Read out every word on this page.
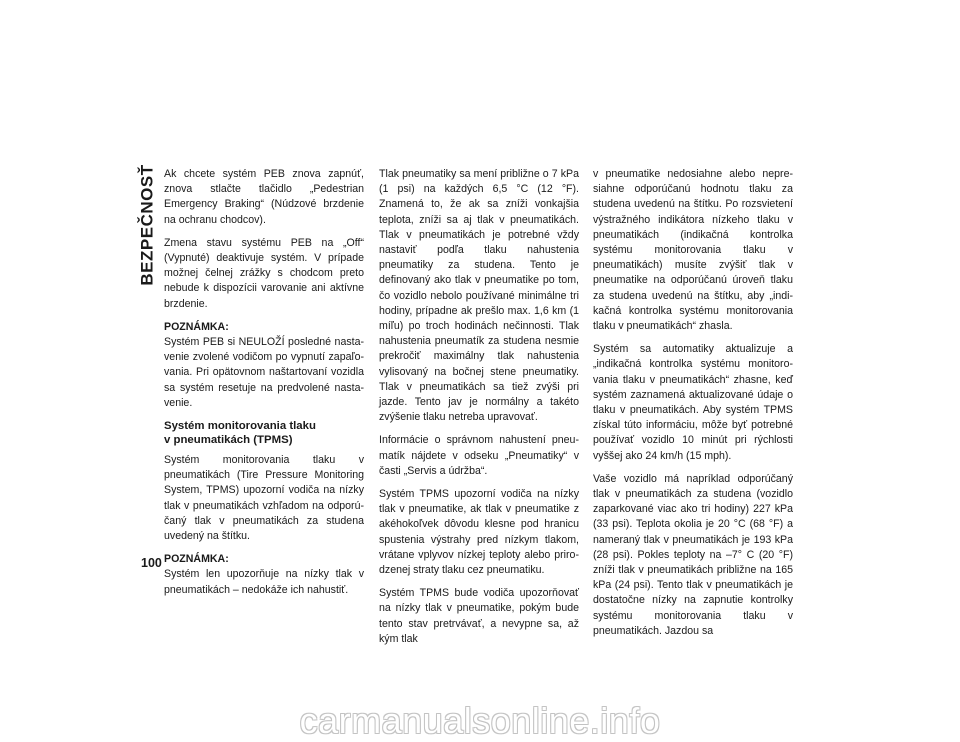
BEZPEČNOSŤ Ak chcete systém PEB znova zapnúť, znova stlačte tlačidlo „Pedestrian Emergency Braking“ (Núdzové brzdenie na ochranu chodcov).

Zmena stavu systému PEB na „Off“ (Vypnuté) deaktivuje systém. V prípade možnej čelnej zrážky s chodcom preto nebude k dispozícii varovanie ani aktívne brzdenie.

POZNÁMKA:

Systém PEB si NEULOŽÍ posledné nastavenie zvolené vodičom po vypnutí zapaľovania. Pri opätovnom naštartovaní vozidla sa systém resetuje na predvolené nastavenie.

Systém monitorovania tlaku
v pneumatikách (TPMS)

Systém monitorovania tlaku v pneumatikách (Tire Pressure Monitoring System, TPMS) upozorní vodiča na nízky tlak v pneumatikách vzhľadom na odporúčaný tlak v pneumatikách za studena uvedený na štítku.

POZNÁMKA:

Systém len upozorňuje na nízky tlak v pneumatikách – nedokáže ich nahustiť.

Tlak pneumatiky sa mení približne o 7 kPa (1 psi) na každých 6,5 °C (12 °F). Znamená to, že ak sa zníži vonkajšia teplota, zníži sa aj tlak v pneumatikách. Tlak v pneumatikách je potrebné vždy nastaviť podľa tlaku nahustenia pneumatiky za studena. Tento je definovaný ako tlak v pneumatike po tom, čo vozidlo nebolo používané minimálne tri hodiny, prípadne ak prešlo max. 1,6 km (1 míľu) po troch hodinách nečinnosti. Tlak nahustenia pneumatík za studena nesmie prekročiť maximálny tlak nahustenia vylisovaný na bočnej stene pneumatiky. Tlak v pneumatikách sa tiež zvýši pri jazde. Tento jav je normálny a takéto zvýšenie tlaku netreba upravovať.

Informácie o správnom nahustení pneumatík nájdete v odseku „Pneumatiky“ v časti „Servis a údržba“.

Systém TPMS upozorní vodiča na nízky tlak v pneumatike, ak tlak v pneumatike z akéhokoľvek dôvodu klesne pod hranicu spustenia výstrahy pred nízkym tlakom, vrátane vplyvov nízkej teploty alebo prirodzenej straty tlaku cez pneumatiku.

Systém TPMS bude vodiča upozorňovať na nízky tlak v pneumatike, pokým bude tento stav pretrvávať, a nevypne sa, až kým tlak

v pneumatike nedosiahne alebo nepresiahne odporúčanú hodnotu tlaku za studena uvedenú na štítku. Po rozsvietení výstražného indikátora nízkeho tlaku v pneumatikách (indikačná kontrolka systému monitorovania tlaku v pneumatikách) musíte zvýšiť tlak v pneumatike na odporúčanú úroveň tlaku za studena uvedenú na štítku, aby „indikačná kontrolka systému monitorovania tlaku v pneumatikách“ zhasla.

Systém sa automatiky aktualizuje a „indikačná kontrolka systému monitorovania tlaku v pneumatikách“ zhasne, keď systém zaznamená aktualizované údaje o tlaku v pneumatikách. Aby systém TPMS získal túto informáciu, môže byť potrebné používať vozidlo 10 minút pri rýchlosti vyššej ako 24 km/h (15 mph).

Vaše vozidlo má napríklad odporúčaný tlak v pneumatikách za studena (vozidlo zaparkované viac ako tri hodiny) 227 kPa (33 psi). Teplota okolia je 20 °C (68 °F) a nameraný tlak v pneumatikách je 193 kPa (28 psi). Pokles teploty na –7° C (20 °F) zníži tlak v pneumatikách približne na 165 kPa (24 psi). Tento tlak v pneumatikách je dostatočne nízky na zapnutie kontrolky systému monitorovania tlaku v pneumatikách. Jazdou sa

100
carmanualsonline.info
